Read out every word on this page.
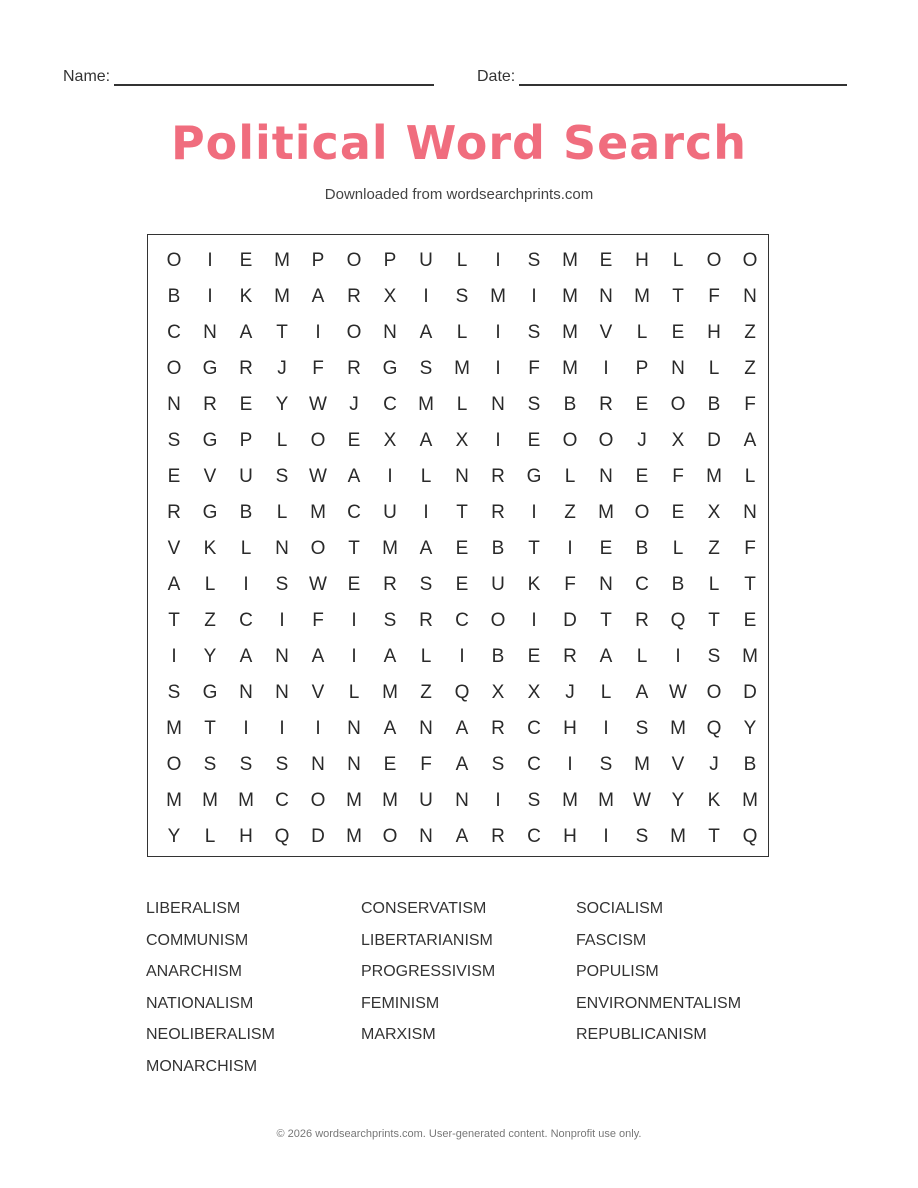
Name:	Date:
Political Word Search
Downloaded from wordsearchprints.com
O	I	E	M	P	O	P	U	L	I	S	M	E	H	L	O	O
B	I	K	M	A	R	X	I	S	M	I	M	N	M	T	F	N
C	N	A	T	I	O	N	A	L	I	S	M	V	L	E	H	Z
O	G	R	J	F	R	G	S	M	I	F	M	I	P	N	L	Z
N	R	E	Y	W	J	C	M	L	N	S	B	R	E	O	B	F
S	G	P	L	O	E	X	A	X	I	E	O	O	J	X	D	A
E	V	U	S	W	A	I	L	N	R	G	L	N	E	F	M	L
R	G	B	L	M	C	U	I	T	R	I	Z	M	O	E	X	N
V	K	L	N	O	T	M	A	E	B	T	I	E	B	L	Z	F
A	L	I	S	W	E	R	S	E	U	K	F	N	C	B	L	T
T	Z	C	I	F	I	S	R	C	O	I	D	T	R	Q	T	E
I	Y	A	N	A	I	A	L	I	B	E	R	A	L	I	S	M
S	G	N	N	V	L	M	Z	Q	X	X	J	L	A	W	O	D
M	T	I	I	I	N	A	N	A	R	C	H	I	S	M	Q	Y
O	S	S	S	N	N	E	F	A	S	C	I	S	M	V	J	B
M	M	M	C	O	M	M	U	N	I	S	M	M	W	Y	K	M
Y	L	H	Q	D	M	O	N	A	R	C	H	I	S	M	T	Q
LIBERALISM	CONSERVATISM	SOCIALISM
COMMUNISM	LIBERTARIANISM	FASCISM
ANARCHISM	PROGRESSIVISM	POPULISM
NATIONALISM	FEMINISM	ENVIRONMENTALISM
NEOLIBERALISM	MARXISM	REPUBLICANISM
MONARCHISM
© 2026 wordsearchprints.com. User-generated content. Nonprofit use only.
